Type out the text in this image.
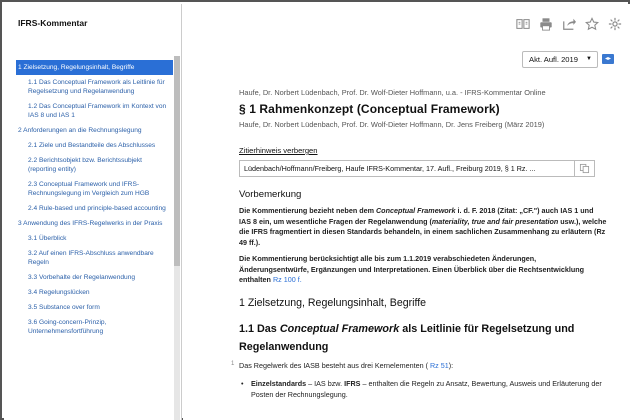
IFRS-Kommentar
1 Zielsetzung, Regelungsinhalt, Begriffe
1.1 Das Conceptual Framework als Leitlinie für Regelsetzung und Regelanwendung
1.2 Das Conceptual Framework im Kontext von IAS 8 und IAS 1
2 Anforderungen an die Rechnungslegung
2.1 Ziele und Bestandteile des Abschlusses
2.2 Berichtsobjekt bzw. Berichtssubjekt (reporting entity)
2.3 Conceptual Framework und IFRS-Rechnungslegung im Vergleich zum HGB
2.4 Rule-based und principle-based accounting
3 Anwendung des IFRS-Regelwerks in der Praxis
3.1 Überblick
3.2 Auf einen IFRS-Abschluss anwendbare Regeln
3.3 Vorbehalte der Regelanwendung
3.4 Regelungslücken
3.5 Substance over form
3.6 Going-concern-Prinzip, Unternehmensfortführung
Akt. Aufl. 2019 ▼	◂▸
Haufe, Dr. Norbert Lüdenbach, Prof. Dr. Wolf-Dieter Hoffmann, u.a. - IFRS-Kommentar Online
§ 1 Rahmenkonzept (Conceptual Framework)
Haufe, Dr. Norbert Lüdenbach, Prof. Dr. Wolf-Dieter Hoffmann, Dr. Jens Freiberg (März 2019)
Zitierhinweis verbergen
Lüdenbach/Hoffmann/Freiberg, Haufe IFRS-Kommentar, 17. Aufl., Freiburg 2019, § 1 Rz. ...
Vorbemerkung

Die Kommentierung bezieht neben dem Conceptual Framework i. d. F. 2018 (Zitat: „CF.") auch IAS 1 und IAS 8 ein, um wesentliche Fragen der Regelanwendung (materiality, true and fair presentation usw.), welche die IFRS fragmentiert in diesen Standards behandeln, in einem sachlichen Zusammenhang zu erläutern (Rz 49 ff.).

Die Kommentierung berücksichtigt alle bis zum 1.1.2019 verabschiedeten Änderungen, Änderungsentwürfe, Ergänzungen und Interpretationen. Einen Überblick über die Rechtsentwicklung enthalten Rz 100 f.

1 Zielsetzung, Regelungsinhalt, Begriffe
1.1 Das Conceptual Framework als Leitlinie für Regelsetzung und Regelanwendung

1 Das Regelwerk des IASB besteht aus drei Kernelementen ( Rz 51):

• Einzelstandards – IAS bzw. IFRS – enthalten die Regeln zu Ansatz, Bewertung, Ausweis und Erläuterung der Posten der Rechnungslegung.
